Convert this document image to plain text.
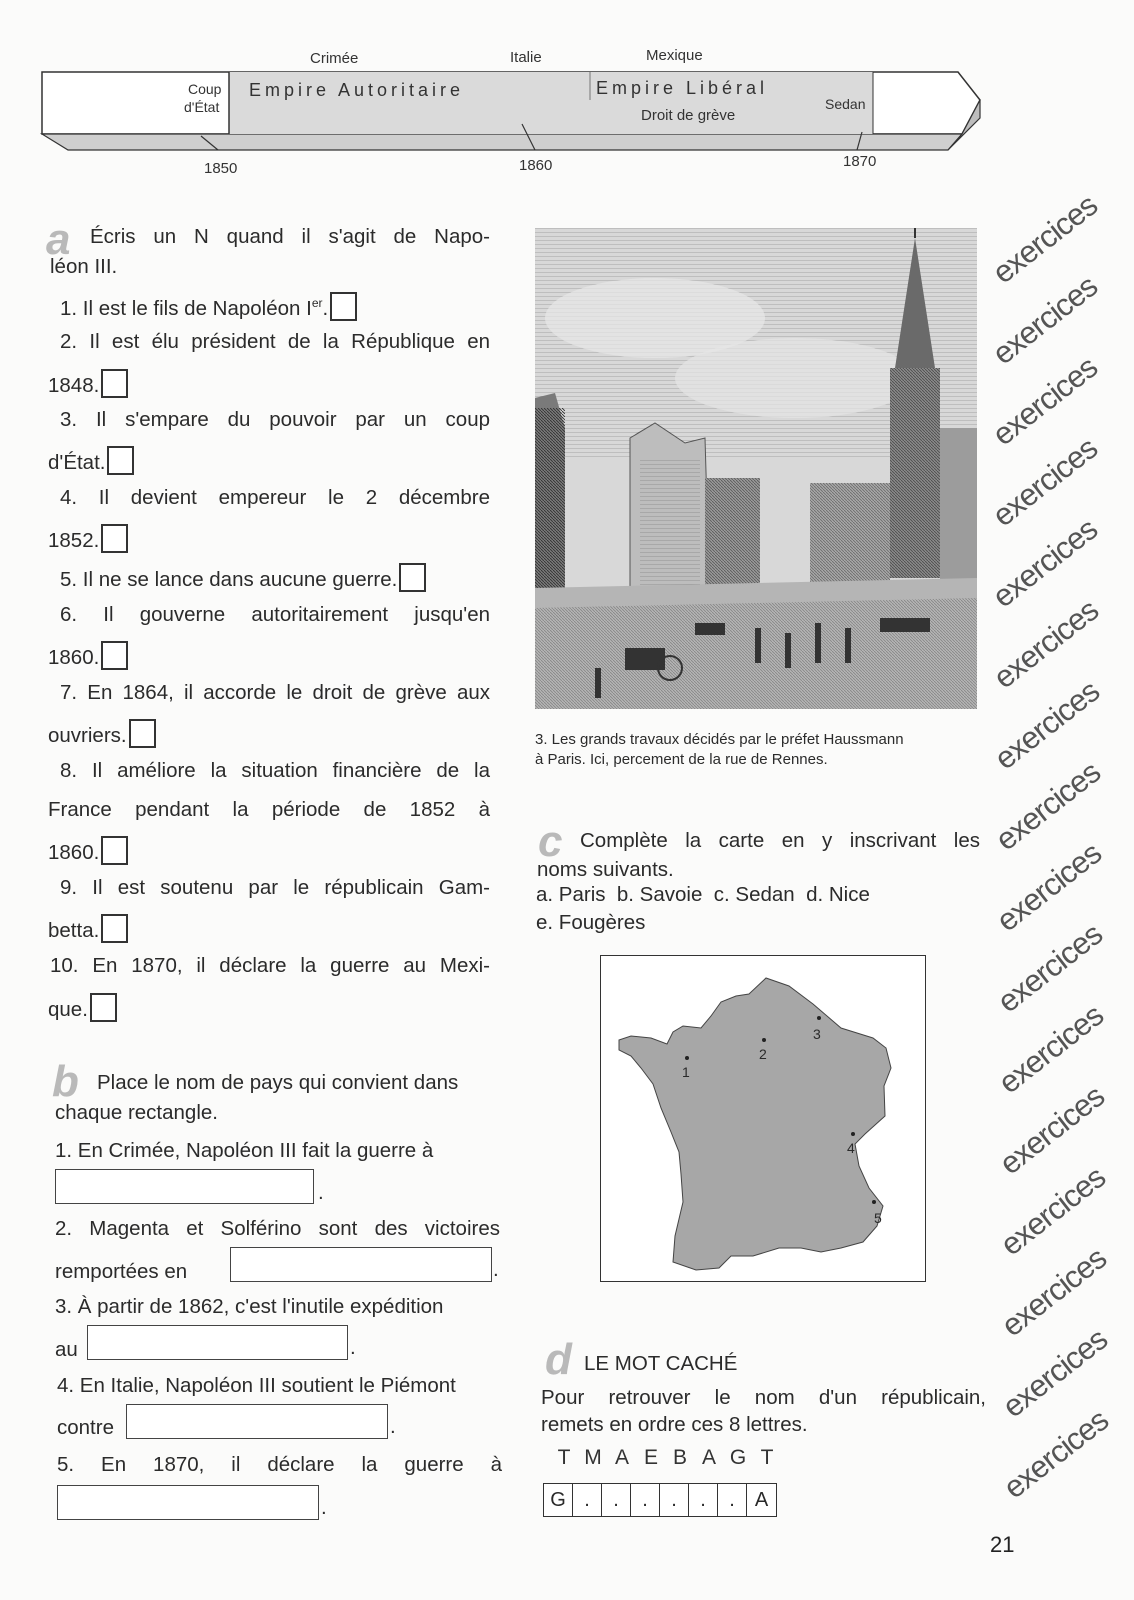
Crimée	Italie	Mexique
Coup
d'État
Empire Autoritaire	Empire Libéral
Droit de grève
Sedan
1850	1860	1870
a Écris un N quand il s'agit de Napo-
léon III.
1. Il est le fils de Napoléon Ier.
2. Il est élu président de la République en
1848.
3. Il s'empare du pouvoir par un coup
d'État.
4. Il devient empereur le 2 décembre
1852.
5. Il ne se lance dans aucune guerre.
6. Il gouverne autoritairement jusqu'en
1860.
7. En 1864, il accorde le droit de grève aux
ouvriers.
8. Il améliore la situation financière de la
France pendant la période de 1852 à
1860.
9. Il est soutenu par le républicain Gam-
betta.
10. En 1870, il déclare la guerre au Mexi-
que.
b Place le nom de pays qui convient dans
chaque rectangle.
1. En Crimée, Napoléon III fait la guerre à
.
2. Magenta et Solférino sont des victoires
remportées en	.
3. À partir de 1862, c'est l'inutile expédition
au	.
4. En Italie, Napoléon III soutient le Piémont
contre	.
5. En 1870, il déclare la guerre à
.
3. Les grands travaux décidés par le préfet Haussmann
à Paris. Ici, percement de la rue de Rennes.
c Complète la carte en y inscrivant les
noms suivants.
a. Paris  b. Savoie  c. Sedan  d. Nice
e. Fougères
1
2
3
4
5
d LE MOT CACHÉ
Pour retrouver le nom d'un républicain,
remets en ordre ces 8 lettres.
T M A E B A G T
G .	.	.	.	.	.	A
exercices
exercices
exercices
exercices
exercices
exercices
exercices
exercices
exercices
exercices
exercices
exercices
exercices
exercices
exercices
exercices
21
